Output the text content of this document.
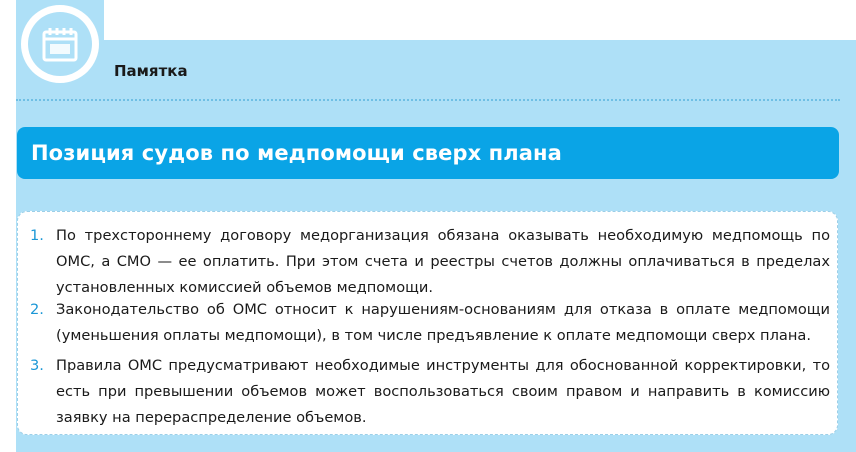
Памятка
Позиция судов по медпомощи сверх плана
1. По трехстороннему договору медорганизация обязана оказывать необходимую медпомощь по ОМС, а СМО — ее оплатить. При этом счета и реестры счетов должны оплачиваться в пределах установленных комиссией объемов медпомощи.
2. Законодательство об ОМС относит к нарушениям-основаниям для отказа в оплате медпомощи (уменьшения оплаты медпомощи), в том числе предъявление к оплате медпомощи сверх плана.
3. Правила ОМС предусматривают необходимые инструменты для обоснованной корректировки, то есть при превышении объемов может воспользоваться своим правом и направить в комиссию заявку на перераспределение объемов.
